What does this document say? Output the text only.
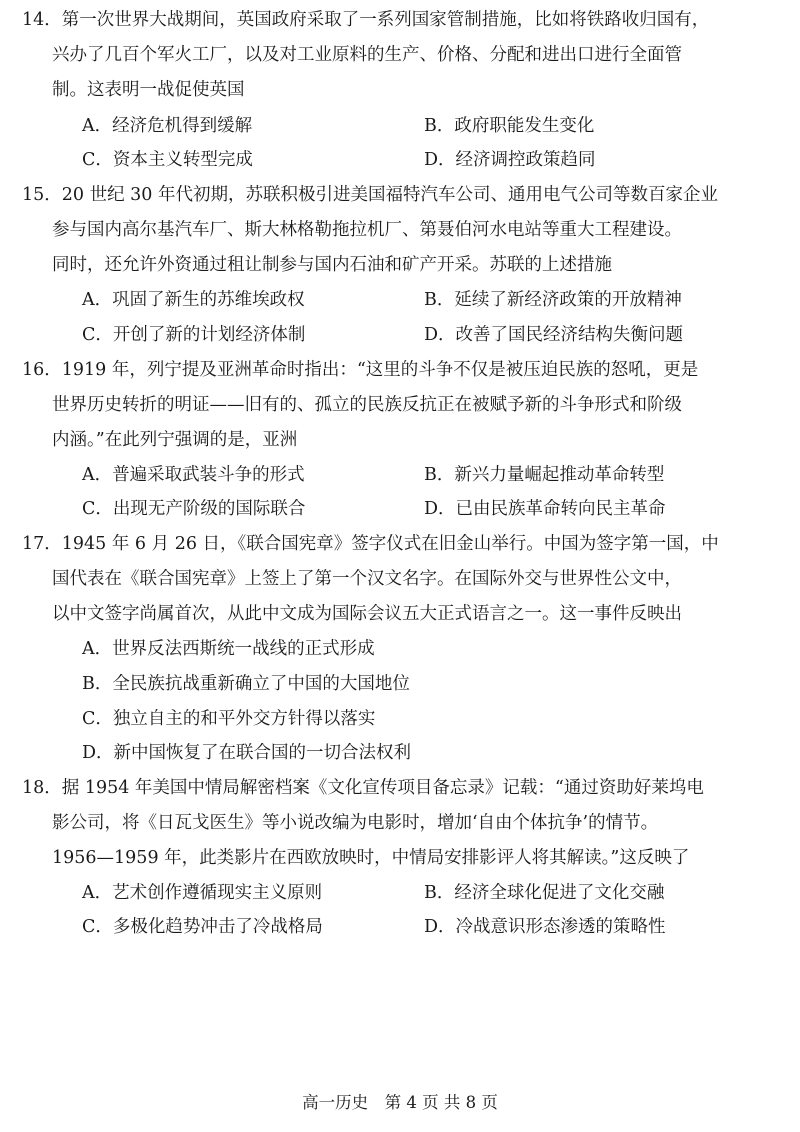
14．第一次世界大战期间，英国政府采取了一系列国家管制措施，比如将铁路收归国有，
兴办了几百个军火工厂，以及对工业原料的生产、价格、分配和进出口进行全面管
制。这表明一战促使英国
A．经济危机得到缓解	B．政府职能发生变化
C．资本主义转型完成	D．经济调控政策趋同
15．20 世纪 30 年代初期，苏联积极引进美国福特汽车公司、通用电气公司等数百家企业
参与国内高尔基汽车厂、斯大林格勒拖拉机厂、第聂伯河水电站等重大工程建设。
同时，还允许外资通过租让制参与国内石油和矿产开采。苏联的上述措施
A．巩固了新生的苏维埃政权	B．延续了新经济政策的开放精神
C．开创了新的计划经济体制	D．改善了国民经济结构失衡问题
16．1919 年，列宁提及亚洲革命时指出：“这里的斗争不仅是被压迫民族的怒吼，更是
世界历史转折的明证——旧有的、孤立的民族反抗正在被赋予新的斗争形式和阶级
内涵。”在此列宁强调的是，亚洲
A．普遍采取武装斗争的形式	B．新兴力量崛起推动革命转型
C．出现无产阶级的国际联合	D．已由民族革命转向民主革命
17．1945 年 6 月 26 日，《联合国宪章》签字仪式在旧金山举行。中国为签字第一国，中
国代表在《联合国宪章》上签上了第一个汉文名字。在国际外交与世界性公文中，
以中文签字尚属首次，从此中文成为国际会议五大正式语言之一。这一事件反映出
A．世界反法西斯统一战线的正式形成
B．全民族抗战重新确立了中国的大国地位
C．独立自主的和平外交方针得以落实
D．新中国恢复了在联合国的一切合法权利
18．据 1954 年美国中情局解密档案《文化宣传项目备忘录》记载：“通过资助好莱坞电
影公司，将《日瓦戈医生》等小说改编为电影时，增加‘自由个体抗争’的情节。
1956—1959 年，此类影片在西欧放映时，中情局安排影评人将其解读。”这反映了
A．艺术创作遵循现实主义原则	B．经济全球化促进了文化交融
C．多极化趋势冲击了冷战格局	D．冷战意识形态渗透的策略性
高一历史　第 4 页 共 8 页
